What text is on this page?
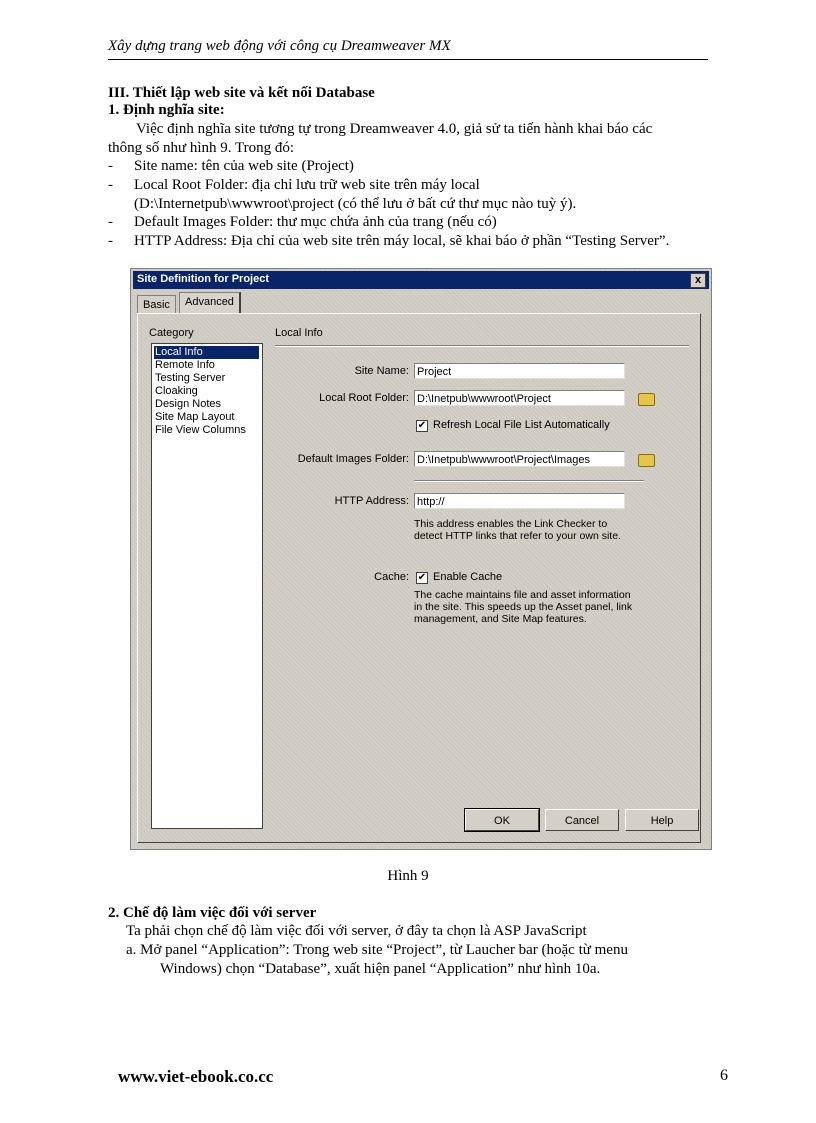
Xây dựng trang web động với công cụ Dreamweaver MX
III. Thiết lập web site và kết nối Database
1. Định nghĩa site:
Việc định nghĩa site tương tự trong Dreamweaver 4.0, giả sử ta tiến hành khai báo các
thông số như hình 9. Trong đó:
- Site name: tên của web site (Project)
- Local Root Folder: địa chỉ lưu trữ web site trên máy local
(D:\Internetpub\wwwroot\project (có thể lưu ở bất cứ thư mục nào tuỳ ý).
- Default Images Folder: thư mục chứa ảnh của trang (nếu có)
- HTTP Address: Địa chỉ của web site trên máy local, sẽ khai báo ở phần “Testing Server”.
Site Definition for Project	x
Basic	Advanced
Category
Local Info
Remote Info
Testing Server
Cloaking
Design Notes
Site Map Layout
File View Columns
Local Info
Site Name: Project
Local Root Folder: D:\Inetpub\wwwroot\Project
✔ Refresh Local File List Automatically
Default Images Folder: D:\Inetpub\wwwroot\Project\Images
HTTP Address: http://
This address enables the Link Checker to detect HTTP links that refer to your own site.
Cache: ✔ Enable Cache
The cache maintains file and asset information in the site. This speeds up the Asset panel, link management, and Site Map features.
OK	Cancel	Help
Hình 9
2. Chế độ làm việc đối với server
Ta phải chọn chế độ làm việc đối với server, ở đây ta chọn là ASP JavaScript
a. Mở panel “Application”: Trong web site “Project”, từ Laucher bar (hoặc từ menu
Windows) chọn “Database”, xuất hiện panel “Application” như hình 10a.
www.viet-ebook.co.cc	6
